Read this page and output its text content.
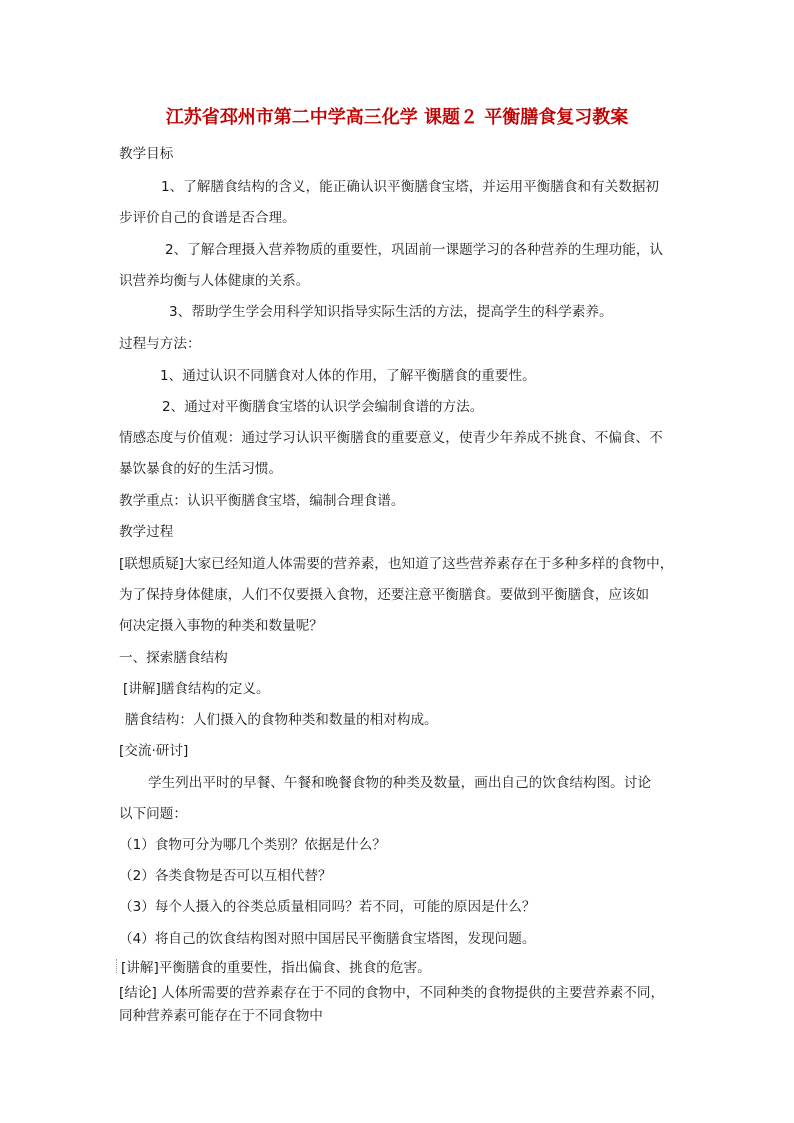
江苏省邳州市第二中学高三化学 课题２ 平衡膳食复习教案
教学目标
1、了解膳食结构的含义，能正确认识平衡膳食宝塔，并运用平衡膳食和有关数据初
步评价自己的食谱是否合理。
2、了解合理摄入营养物质的重要性，巩固前一课题学习的各种营养的生理功能，认
识营养均衡与人体健康的关系。
3、帮助学生学会用科学知识指导实际生活的方法，提高学生的科学素养。
过程与方法：
1、通过认识不同膳食对人体的作用，了解平衡膳食的重要性。
2、通过对平衡膳食宝塔的认识学会编制食谱的方法。
情感态度与价值观：通过学习认识平衡膳食的重要意义，使青少年养成不挑食、不偏食、不
暴饮暴食的好的生活习惯。
教学重点：认识平衡膳食宝塔，编制合理食谱。
教学过程
[联想质疑]大家已经知道人体需要的营养素，也知道了这些营养素存在于多种多样的食物中，
为了保持身体健康，人们不仅要摄入食物，还要注意平衡膳食。要做到平衡膳食，应该如
何决定摄入事物的种类和数量呢？
一、探索膳食结构
[讲解]膳食结构的定义。
膳食结构：人们摄入的食物种类和数量的相对构成。
[交流·研讨]
学生列出平时的早餐、午餐和晚餐食物的种类及数量，画出自己的饮食结构图。讨论
以下问题：
（1）食物可分为哪几个类别？依据是什么？
（2）各类食物是否可以互相代替？
（3）每个人摄入的谷类总质量相同吗？若不同，可能的原因是什么？
（4）将自己的饮食结构图对照中国居民平衡膳食宝塔图，发现问题。
[讲解]平衡膳食的重要性，指出偏食、挑食的危害。
[结论] 人体所需要的营养素存在于不同的食物中，不同种类的食物提供的主要营养素不同，
同种营养素可能存在于不同食物中
